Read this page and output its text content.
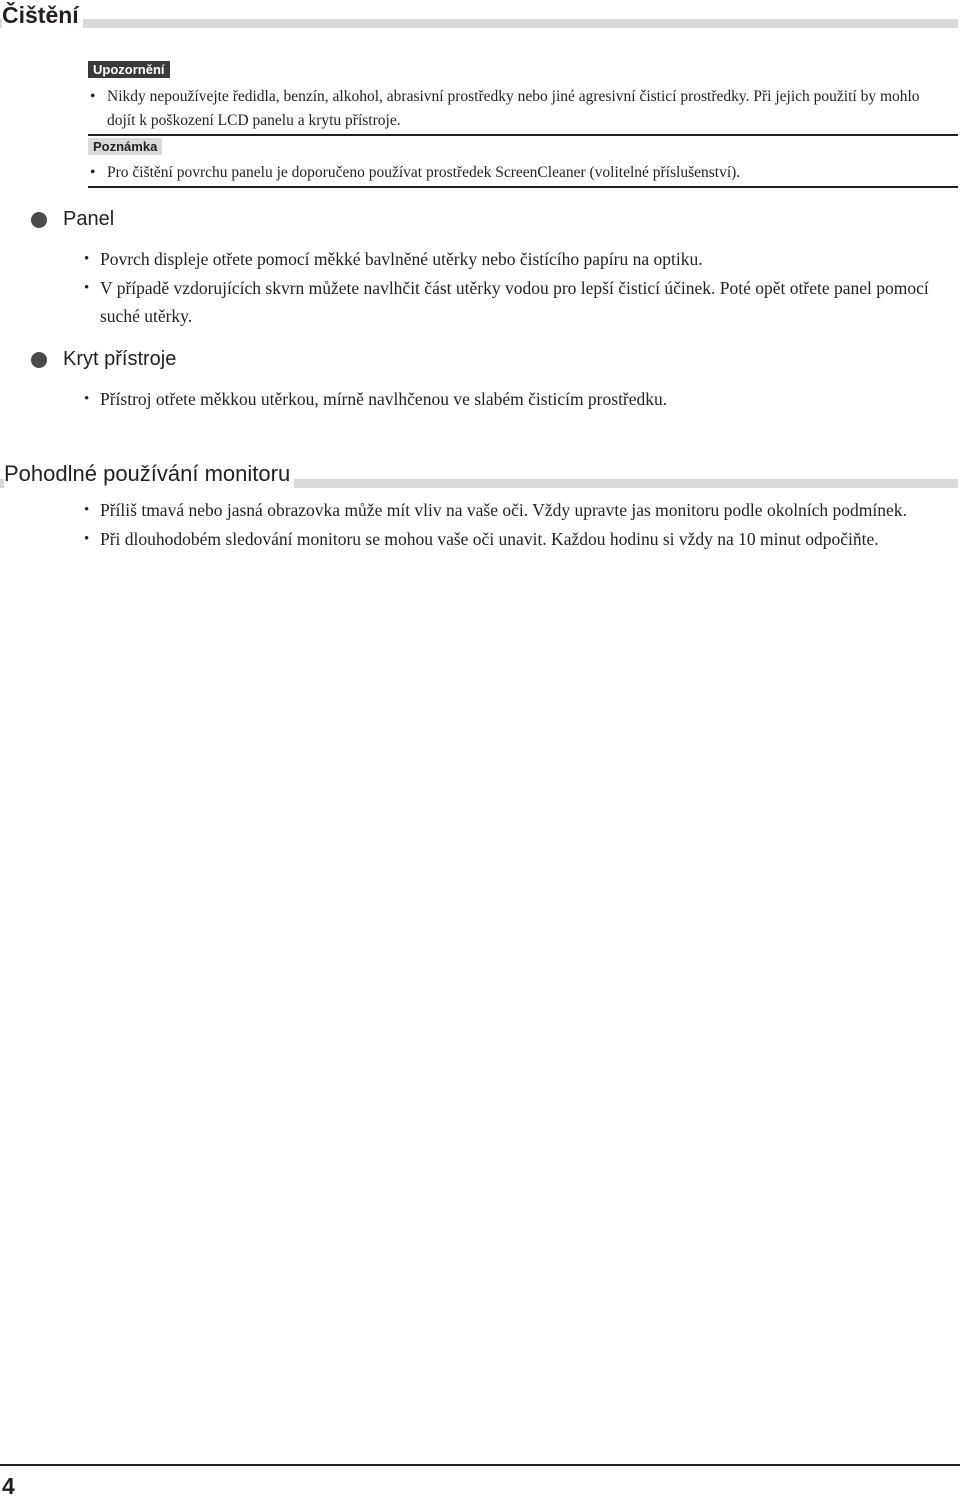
Čištění
Upozornění
• Nikdy nepoužívejte ředidla, benzín, alkohol, abrasivní prostředky nebo jiné agresivní čisticí prostředky. Při jejich použití by mohlo dojít k poškození LCD panelu a krytu přístroje.
Poznámka
• Pro čištění povrchu panelu je doporučeno používat prostředek ScreenCleaner (volitelné příslušenství).
Panel
• Povrch displeje otřete pomocí měkké bavlněné utěrky nebo čistícího papíru na optiku.
• V případě vzdorujících skvrn můžete navlhčit část utěrky vodou pro lepší čisticí účinek. Poté opět otřete panel pomocí suché utěrky.
Kryt přístroje
• Přístroj otřete měkkou utěrkou, mírně navlhčenou ve slabém čisticím prostředku.
Pohodlné používání monitoru
• Příliš tmavá nebo jasná obrazovka může mít vliv na vaše oči. Vždy upravte jas monitoru podle okolních podmínek.
• Při dlouhodobém sledování monitoru se mohou vaše oči unavit. Každou hodinu si vždy na 10 minut odpočiňte.
4
